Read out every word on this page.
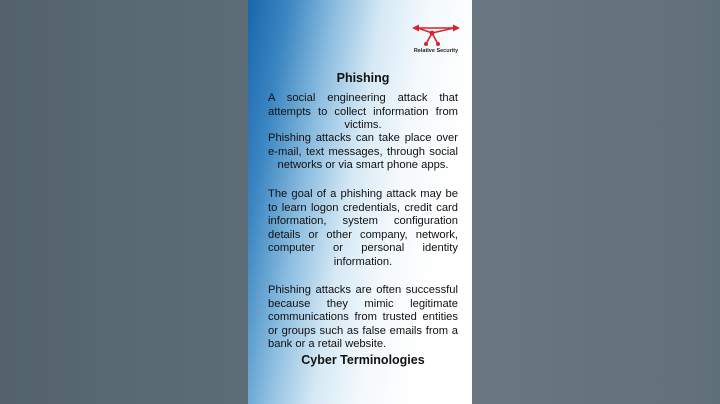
Relative Security
Phishing
A social engineering attack that attempts to collect information from victims.
Phishing attacks can take place over e-mail, text messages, through social networks or via smart phone apps.
The goal of a phishing attack may be to learn logon credentials, credit card information, system configuration details or other company, network, computer or personal identity information.
Phishing attacks are often successful because they mimic legitimate communications from trusted entities or groups such as false emails from a bank or a retail website.
Cyber Terminologies
